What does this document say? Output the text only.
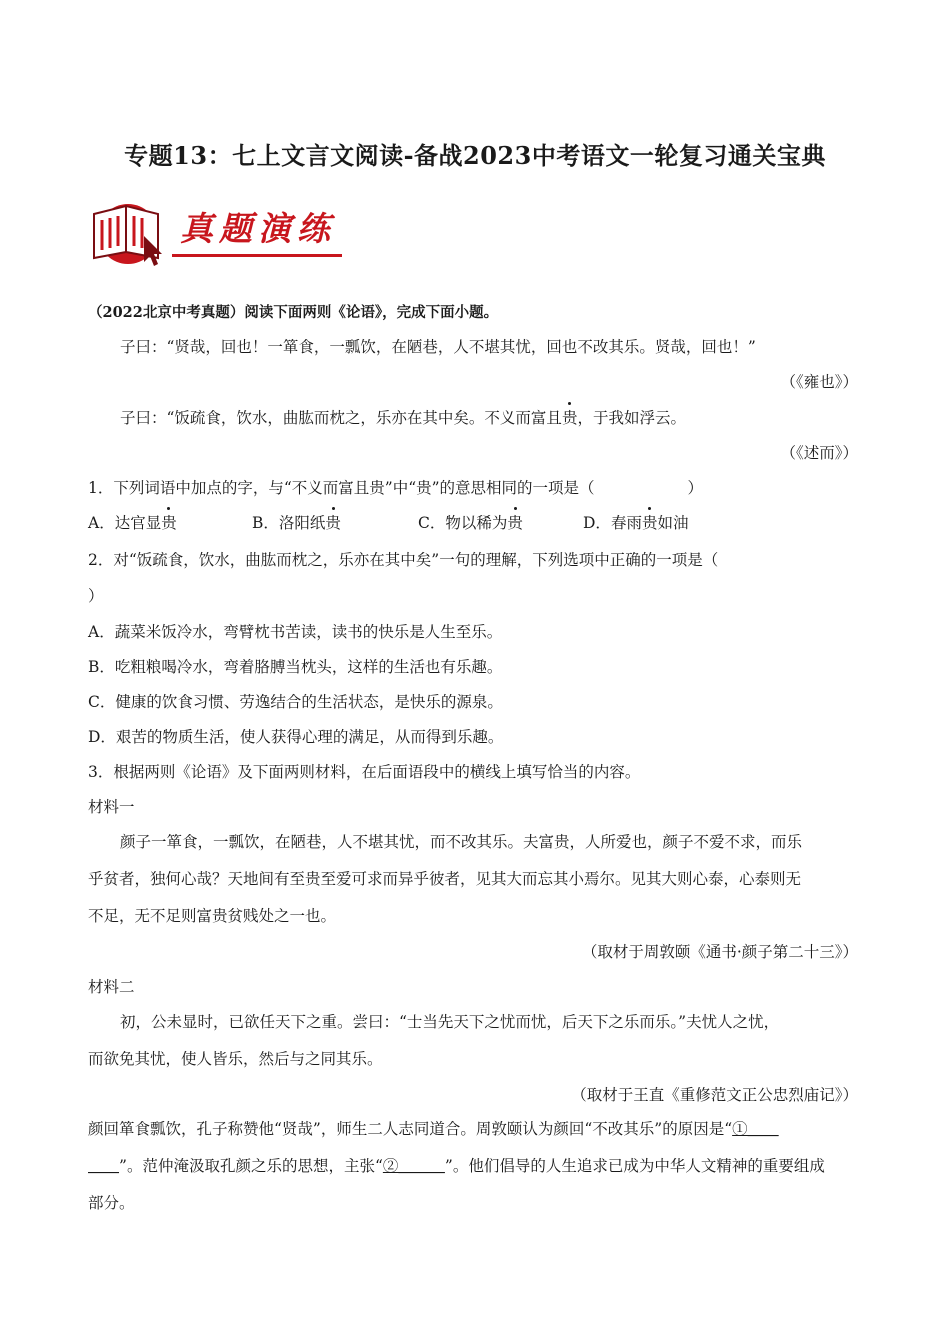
专题13：七上文言文阅读-备战2023中考语文一轮复习通关宝典
真题演练
（2022北京中考真题）阅读下面两则《论语》，完成下面小题。
子曰：“贤哉，回也！一箪食，一瓢饮，在陋巷，人不堪其忧，回也不改其乐。贤哉，回也！”
（《雍也》）
子曰：“饭疏食，饮水，曲肱而枕之，乐亦在其中矣。不义而富且贵，于我如浮云。
（《述而》）
1．下列词语中加点的字，与“不义而富且贵”中“贵”的意思相同的一项是（　　　　　　）
A．达官显贵	B．洛阳纸贵	C．物以稀为贵	D．春雨贵如油
2．对“饭疏食，饮水，曲肱而枕之，乐亦在其中矣”一句的理解，下列选项中正确的一项是（
）
A．蔬菜米饭冷水，弯臂枕书苦读，读书的快乐是人生至乐。
B．吃粗粮喝冷水，弯着胳膊当枕头，这样的生活也有乐趣。
C．健康的饮食习惯、劳逸结合的生活状态，是快乐的源泉。
D．艰苦的物质生活，使人获得心理的满足，从而得到乐趣。
3．根据两则《论语》及下面两则材料，在后面语段中的横线上填写恰当的内容。
材料一
颜子一箪食，一瓢饮，在陋巷，人不堪其忧，而不改其乐。夫富贵，人所爱也，颜子不爱不求，而乐
乎贫者，独何心哉？天地间有至贵至爱可求而异乎彼者，见其大而忘其小焉尔。见其大则心泰，心泰则无
不足，无不足则富贵贫贱处之一也。
（取材于周敦颐《通书·颜子第二十三》）
材料二
初，公未显时，已欲任天下之重。尝曰：“士当先天下之忧而忧，后天下之乐而乐。”夫忧人之忧，
而欲免其忧，使人皆乐，然后与之同其乐。
（取材于王直《重修范文正公忠烈庙记》）
颜回箪食瓢饮，孔子称赞他“贤哉”，师生二人志同道合。周敦颐认为颜回“不改其乐”的原因是“①＿＿
＿＿”。范仲淹汲取孔颜之乐的思想，主张“②＿＿＿”。他们倡导的人生追求已成为中华人文精神的重要组成
部分。
